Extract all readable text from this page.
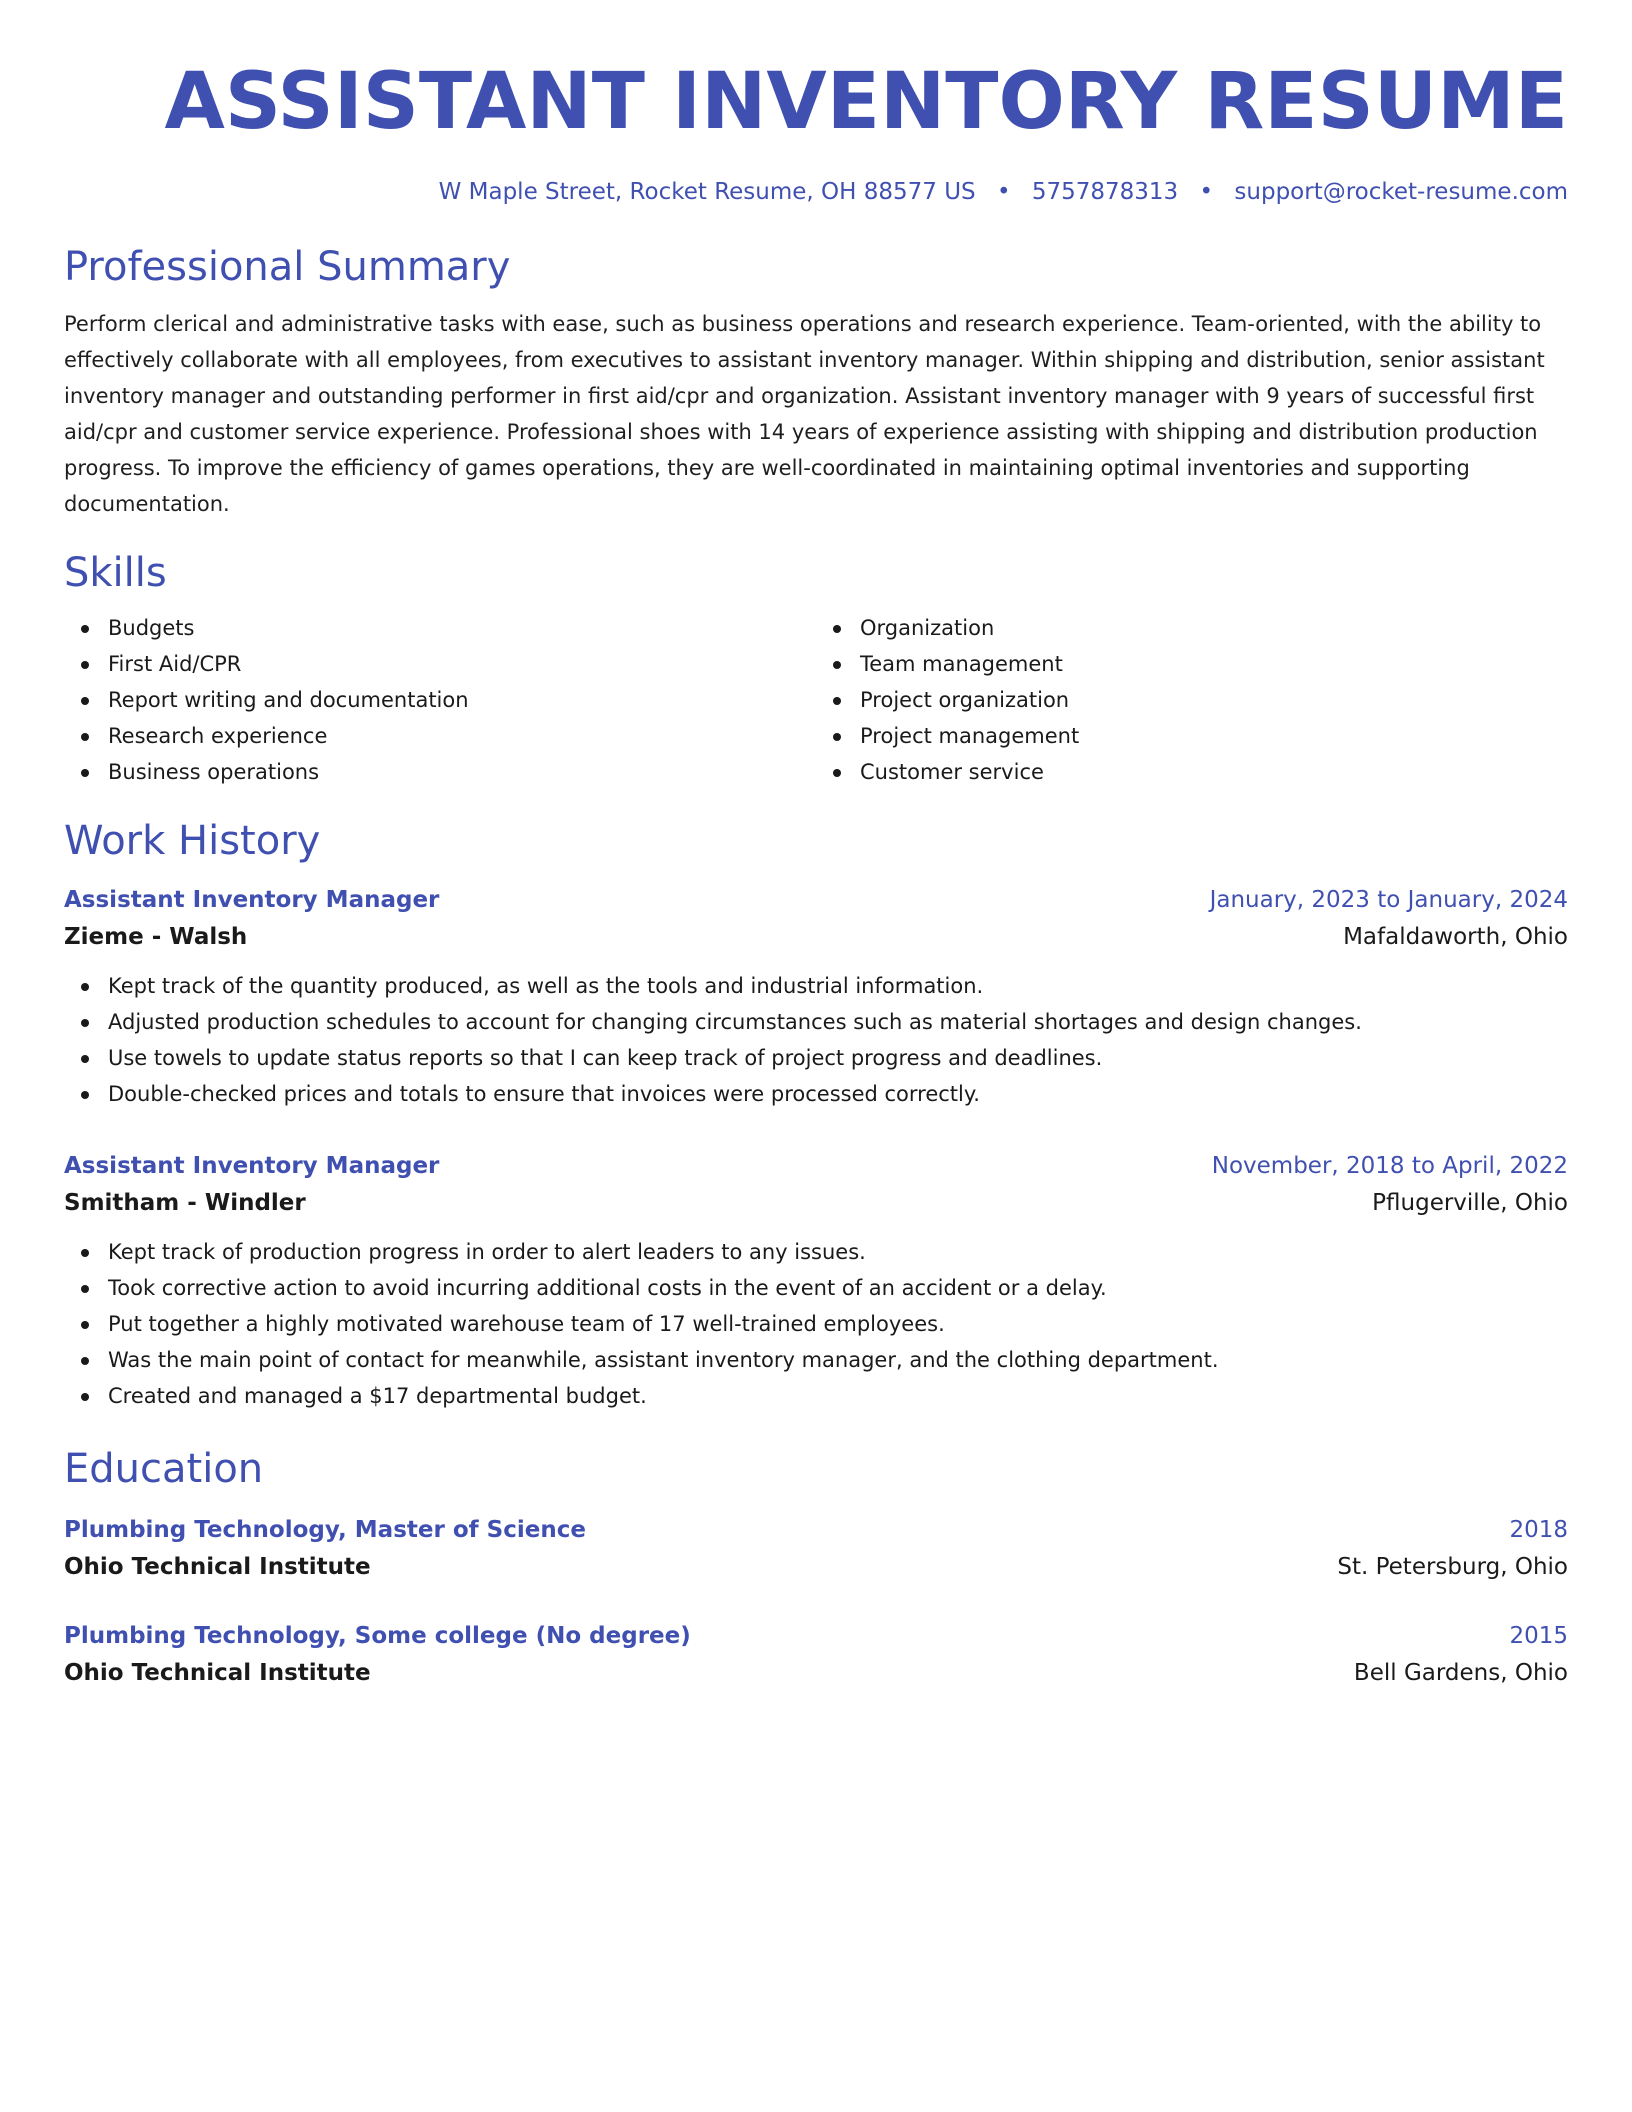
ASSISTANT INVENTORY RESUME
W Maple Street, Rocket Resume, OH 88577 US • 5757878313 • support@rocket-resume.com
Professional Summary
Perform clerical and administrative tasks with ease, such as business operations and research experience. Team-oriented, with the ability to effectively collaborate with all employees, from executives to assistant inventory manager. Within shipping and distribution, senior assistant inventory manager and outstanding performer in first aid/cpr and organization. Assistant inventory manager with 9 years of successful first aid/cpr and customer service experience. Professional shoes with 14 years of experience assisting with shipping and distribution production progress. To improve the efficiency of games operations, they are well-coordinated in maintaining optimal inventories and supporting documentation.
Skills
Budgets
First Aid/CPR
Report writing and documentation
Research experience
Business operations
Organization
Team management
Project organization
Project management
Customer service
Work History
Assistant Inventory Manager	January, 2023 to January, 2024
Zieme - Walsh	Mafaldaworth, Ohio
Kept track of the quantity produced, as well as the tools and industrial information.
Adjusted production schedules to account for changing circumstances such as material shortages and design changes.
Use towels to update status reports so that I can keep track of project progress and deadlines.
Double-checked prices and totals to ensure that invoices were processed correctly.
Assistant Inventory Manager	November, 2018 to April, 2022
Smitham - Windler	Pflugerville, Ohio
Kept track of production progress in order to alert leaders to any issues.
Took corrective action to avoid incurring additional costs in the event of an accident or a delay.
Put together a highly motivated warehouse team of 17 well-trained employees.
Was the main point of contact for meanwhile, assistant inventory manager, and the clothing department.
Created and managed a $17 departmental budget.
Education
Plumbing Technology, Master of Science	2018
Ohio Technical Institute	St. Petersburg, Ohio
Plumbing Technology, Some college (No degree)	2015
Ohio Technical Institute	Bell Gardens, Ohio
